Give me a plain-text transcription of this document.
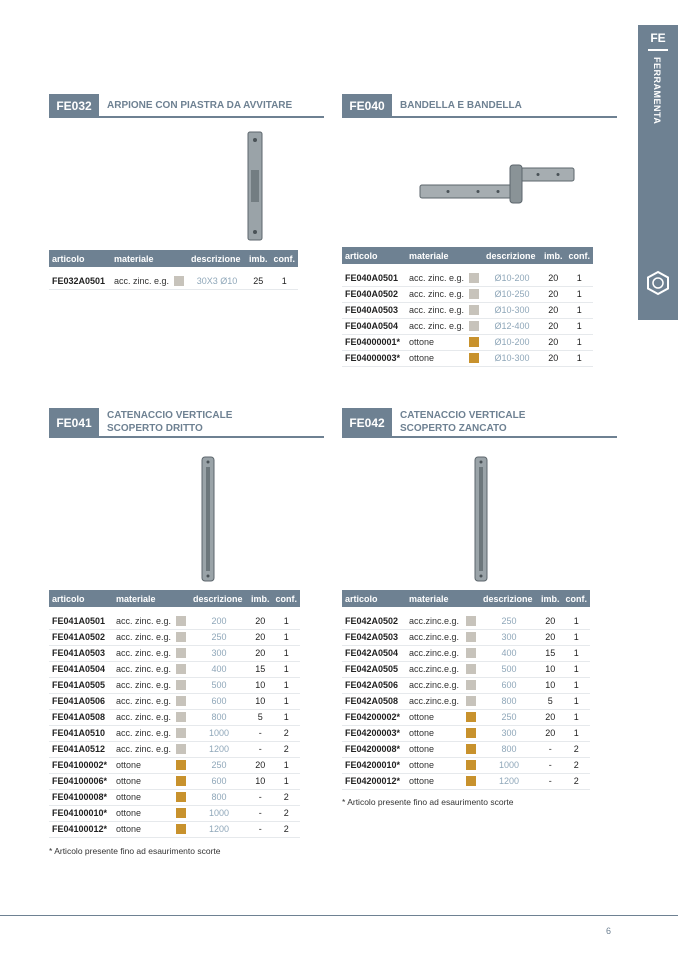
FE
FERRAMENTA
FE032	ARPIONE CON PIASTRA DA AVVITARE
articolo	materiale		descrizione	imb.	conf.

FE032A0501	acc. zinc. e.g.		30X3 Ø10	25	1
FE040	BANDELLA E BANDELLA
articolo	materiale		descrizione	imb.	conf.

FE040A0501	acc. zinc. e.g.		Ø10-200	20	1
FE040A0502	acc. zinc. e.g.		Ø10-250	20	1
FE040A0503	acc. zinc. e.g.		Ø10-300	20	1
FE040A0504	acc. zinc. e.g.		Ø12-400	20	1
FE04000001*	ottone		Ø10-200	20	1
FE04000003*	ottone		Ø10-300	20	1
FE041
CATENACCIO VERTICALE
SCOPERTO DRITTO
articolo	materiale		descrizione	imb.	conf.

FE041A0501	acc. zinc. e.g.		200	20	1
FE041A0502	acc. zinc. e.g.		250	20	1
FE041A0503	acc. zinc. e.g.		300	20	1
FE041A0504	acc. zinc. e.g.		400	15	1
FE041A0505	acc. zinc. e.g.		500	10	1
FE041A0506	acc. zinc. e.g.		600	10	1
FE041A0508	acc. zinc. e.g.		800	5	1
FE041A0510	acc. zinc. e.g.		1000	-	2
FE041A0512	acc. zinc. e.g.		1200	-	2
FE04100002*	ottone		250	20	1
FE04100006*	ottone		600	10	1
FE04100008*	ottone		800	-	2
FE04100010*	ottone		1000	-	2
FE04100012*	ottone		1200	-	2
* Articolo presente fino ad esaurimento scorte
FE042
CATENACCIO VERTICALE
SCOPERTO ZANCATO
articolo	materiale		descrizione	imb.	conf.

FE042A0502	acc.zinc.e.g.		250	20	1
FE042A0503	acc.zinc.e.g.		300	20	1
FE042A0504	acc.zinc.e.g.		400	15	1
FE042A0505	acc.zinc.e.g.		500	10	1
FE042A0506	acc.zinc.e.g.		600	10	1
FE042A0508	acc.zinc.e.g.		800	5	1
FE04200002*	ottone		250	20	1
FE04200003*	ottone		300	20	1
FE04200008*	ottone		800	-	2
FE04200010*	ottone		1000	-	2
FE04200012*	ottone		1200	-	2
* Articolo presente fino ad esaurimento scorte
6
